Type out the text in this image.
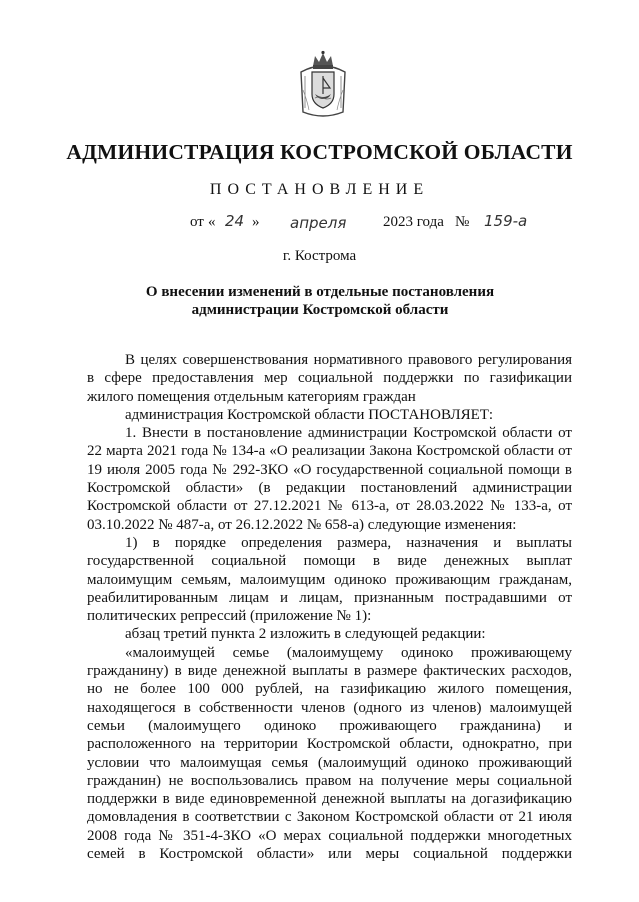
АДМИНИСТРАЦИЯ КОСТРОМСКОЙ ОБЛАСТИ
ПОСТАНОВЛЕНИЕ
от « 24 » апреля 2023 года № 159-а
г. Кострома
О внесении изменений в отдельные постановления
администрации Костромской области

В целях совершенствования нормативного правового регулирования в сфере предоставления мер социальной поддержки по газификации жилого помещения отдельным категориям граждан

администрация Костромской области ПОСТАНОВЛЯЕТ:

1. Внести в постановление администрации Костромской области от 22 марта 2021 года № 134-а «О реализации Закона Костромской области от 19 июля 2005 года № 292-ЗКО «О государственной социальной помощи в Костромской области» (в редакции постановлений администрации Костромской области от 27.12.2021 № 613-а, от 28.03.2022 № 133-а, от 03.10.2022 № 487-а, от 26.12.2022 № 658-а) следующие изменения:

1) в порядке определения размера, назначения и выплаты государственной социальной помощи в виде денежных выплат малоимущим семьям, малоимущим одиноко проживающим гражданам, реабилитированным лицам и лицам, признанным пострадавшими от политических репрессий (приложение № 1):

абзац третий пункта 2 изложить в следующей редакции:

«малоимущей семье (малоимущему одиноко проживающему гражданину) в виде денежной выплаты в размере фактических расходов, но не более 100 000 рублей, на газификацию жилого помещения, находящегося в собственности членов (одного из членов) малоимущей семьи (малоимущего одиноко проживающего гражданина) и расположенного на территории Костромской области, однократно, при условии что малоимущая семья (малоимущий одиноко проживающий гражданин) не воспользовались правом на получение меры социальной поддержки в виде единовременной денежной выплаты на догазификацию домовладения в соответствии с Законом Костромской области от 21 июля 2008 года № 351-4-ЗКО «О мерах социальной поддержки многодетных семей в Костромской области» или меры социальной поддержки
